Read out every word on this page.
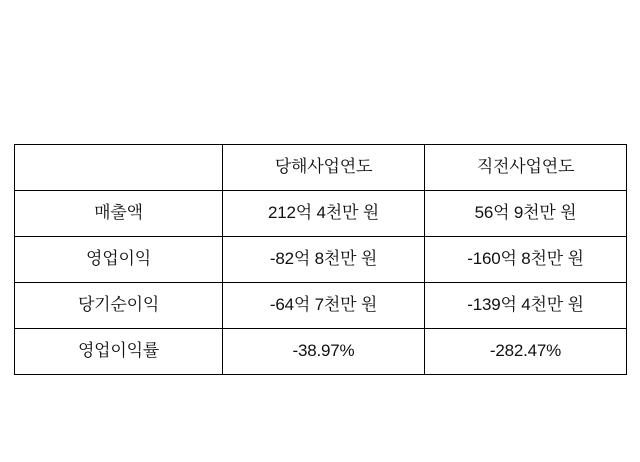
	당해사업연도	직전사업연도
매출액	212억 4천만 원	56억 9천만 원
영업이익	-82억 8천만 원	-160억 8천만 원
당기순이익	-64억 7천만 원	-139억 4천만 원
영업이익률	-38.97%	-282.47%
